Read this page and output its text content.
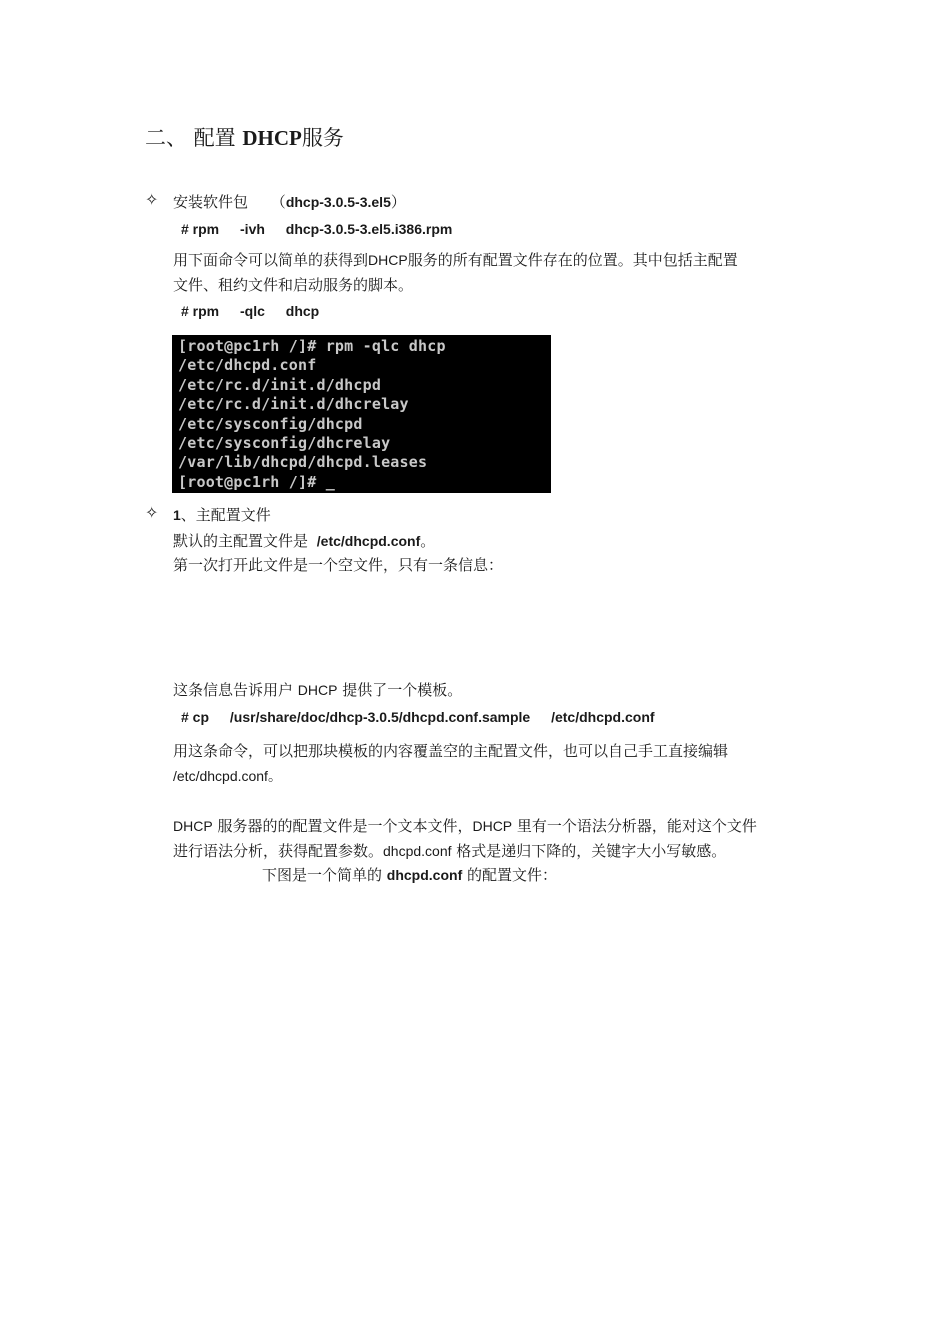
二、 配置 DHCP服务
✧ 安装软件包 （dhcp-3.0.5-3.el5）
# rpm -ivh dhcp-3.0.5-3.el5.i386.rpm
用下面命令可以简单的获得到DHCP服务的所有配置文件存在的位置。其中包括主配置
文件、租约文件和启动服务的脚本。
# rpm -qlc dhcp
[root@pc1rh /]# rpm -qlc dhcp
/etc/dhcpd.conf
/etc/rc.d/init.d/dhcpd
/etc/rc.d/init.d/dhcrelay
/etc/sysconfig/dhcpd
/etc/sysconfig/dhcrelay
/var/lib/dhcpd/dhcpd.leases
[root@pc1rh /]# _
✧ 1、主配置文件
默认的主配置文件是 /etc/dhcpd.conf。
第一次打开此文件是一个空文件，只有一条信息：
这条信息告诉用户 DHCP 提供了一个模板。
# cp /usr/share/doc/dhcp-3.0.5/dhcpd.conf.sample /etc/dhcpd.conf
用这条命令，可以把那块模板的内容覆盖空的主配置文件，也可以自己手工直接编辑
/etc/dhcpd.conf。
DHCP 服务器的的配置文件是一个文本文件，DHCP 里有一个语法分析器，能对这个文件
进行语法分析，获得配置参数。dhcpd.conf 格式是递归下降的，关键字大小写敏感。
下图是一个简单的 dhcpd.conf 的配置文件：
